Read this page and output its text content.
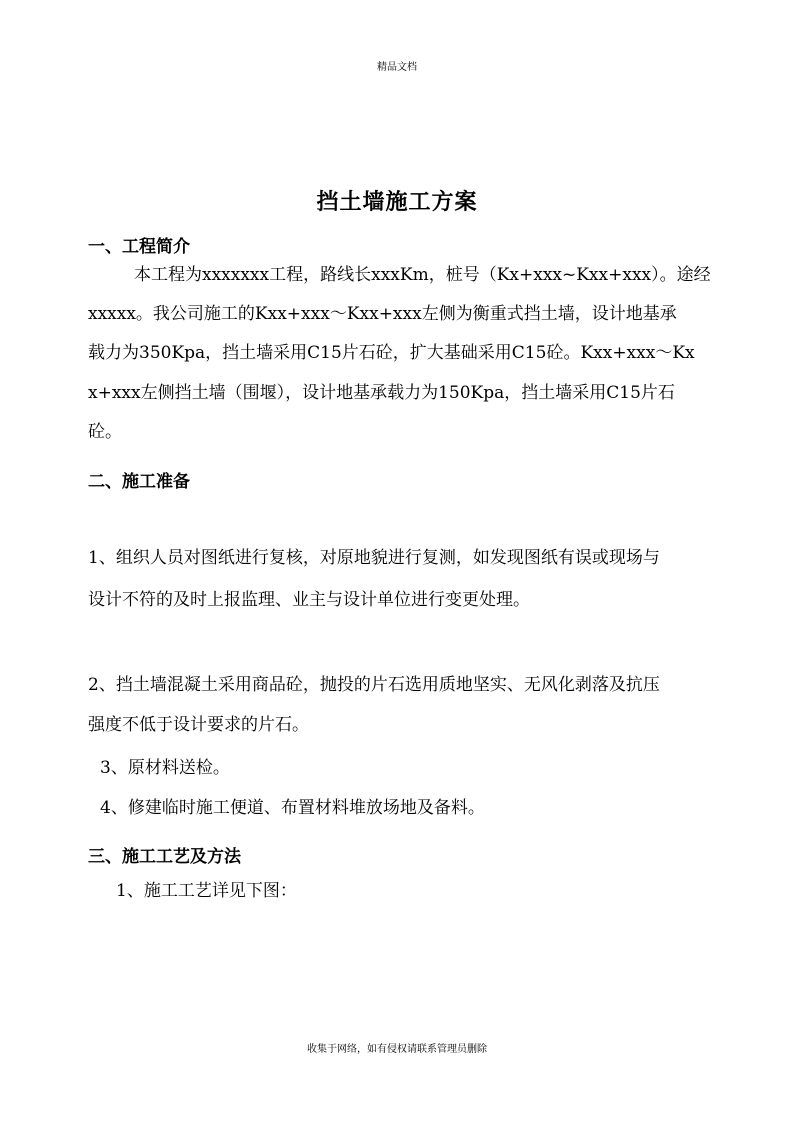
精品文档
挡土墙施工方案
一、工程简介
本工程为xxxxxxx工程，路线长xxxKm，桩号（Kx+xxx~Kxx+xxx）。途经
xxxxx。我公司施工的Kxx+xxx～Kxx+xxx左侧为衡重式挡土墙，设计地基承
载力为350Kpa，挡土墙采用C15片石砼，扩大基础采用C15砼。Kxx+xxx～Kx
x+xxx左侧挡土墙（围堰），设计地基承载力为150Kpa，挡土墙采用C15片石
砼。
二、施工准备
1、组织人员对图纸进行复核，对原地貌进行复测，如发现图纸有误或现场与
设计不符的及时上报监理、业主与设计单位进行变更处理。
2、挡土墙混凝土采用商品砼，抛投的片石选用质地坚实、无风化剥落及抗压
强度不低于设计要求的片石。
3、原材料送检。
4、修建临时施工便道、布置材料堆放场地及备料。
三、施工工艺及方法
1、施工工艺详见下图：
收集于网络，如有侵权请联系管理员删除
